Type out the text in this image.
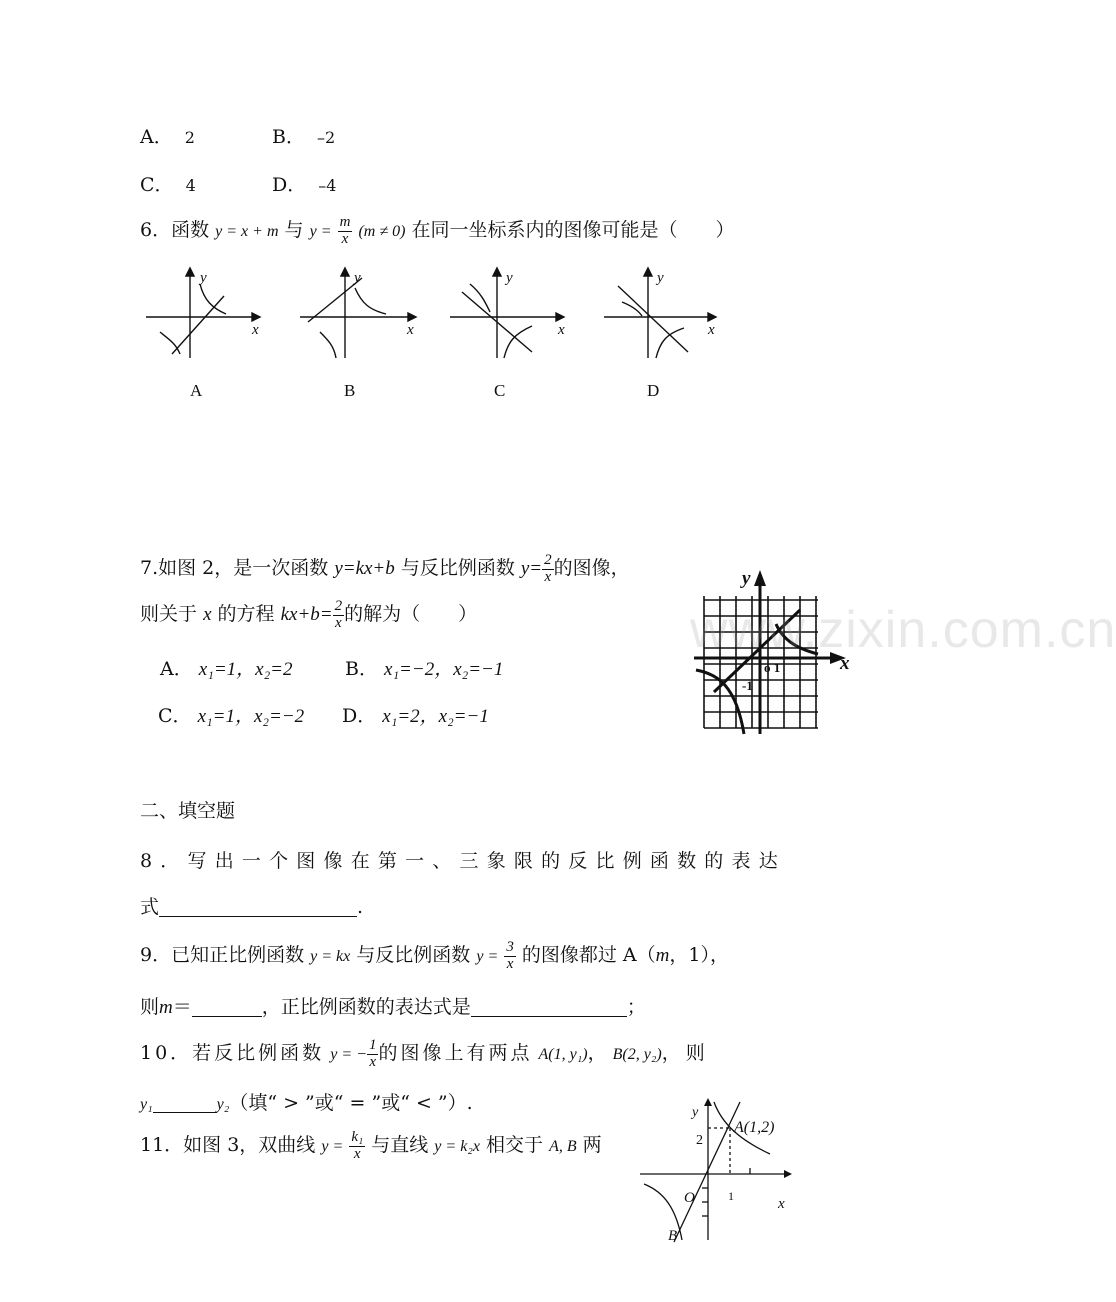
A． 2	B． –2
C． 4	D． –4
6．函数 y = x + m 与 $y = \frac{m}{x} (m \ne 0)$ 在同一坐标系内的图像可能是（　　）
y
x
y
x
y
x
y
x
A	B	C	D
7.如图 2，是一次函数 y=kx+b 与反比例函数 $y= \frac{2}{x}$ 的图像，
则关于 x 的方程 $kx+b= \frac{2}{x}$ 的解为（　　）
A． x₁=1，x₂=2	B． x₁=−2，x₂=−1
C． x₁=1，x₂=−2 D． x₁=2，x₂=−1
y
x
o 1
-1
二、填空题
8．写出一个图像在第一、三象限的反比例函数的表达
式	.
9．已知正比例函数 y = kx 与反比例函数 $y = \frac{3}{x}$ 的图像都过 A（m，1），
则m＝	，正比例函数的表达式是	；
10．若反比例函数 y = − $\frac{1}{x}$ 的图像上有两点 A(1, y₁)， B(2, y₂)，则
y₁	y₂（填“ > ”或“ = ”或“ < ”）.
11．如图 3，双曲线 $y = \frac{\text{k₁}}{x}$ 与直线 y = k₂x 相交于 A, B 两
y
x
A(1,2)
O
B
2
1
www.zixin.com.cn
